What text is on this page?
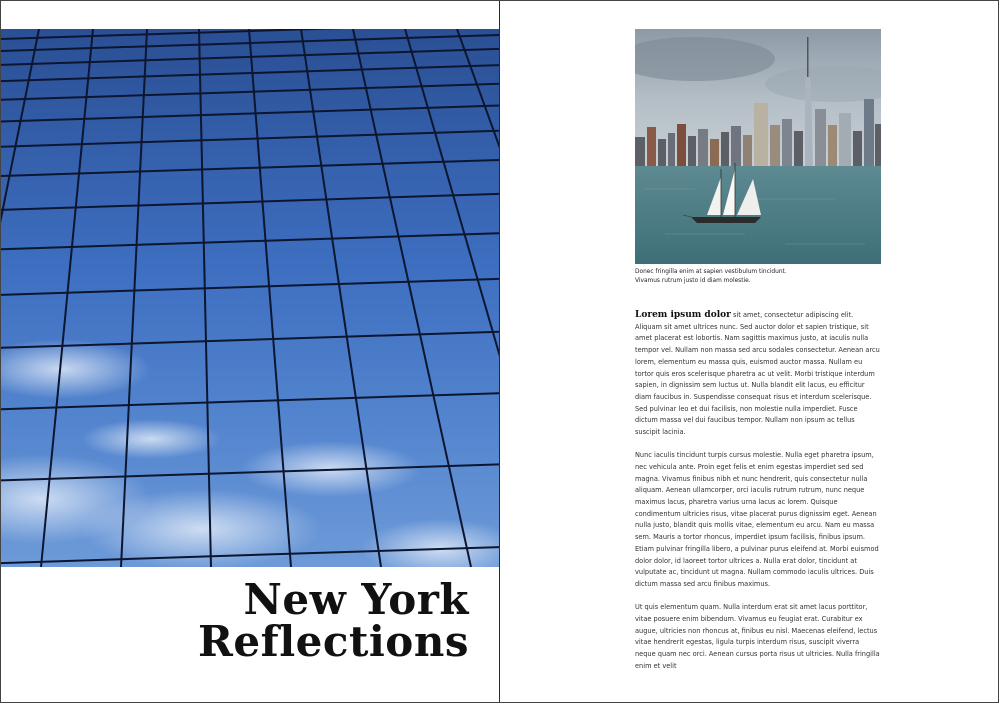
New York
Reflections
Donec fringilla enim at sapien vestibulum tincidunt.
Vivamus rutrum justo id diam molestie.

Lorem ipsum dolor sit amet, consectetur adipiscing elit. Aliquam sit amet ultrices nunc. Sed auctor dolor et sapien tristique, sit amet placerat est lobortis. Nam sagittis maximus justo, at iaculis nulla tempor vel. Nullam non massa sed arcu sodales consectetur. Aenean arcu lorem, elementum eu massa quis, euismod auctor massa. Nullam eu tortor quis eros scelerisque pharetra ac ut velit. Morbi tristique interdum sapien, in dignissim sem luctus ut. Nulla blandit elit lacus, eu efficitur diam faucibus in. Suspendisse consequat risus et interdum scelerisque. Sed pulvinar leo et dui facilisis, non molestie nulla imperdiet. Fusce dictum massa vel dui faucibus tempor. Nullam non ipsum ac tellus suscipit lacinia.

Nunc iaculis tincidunt turpis cursus molestie. Nulla eget pharetra ipsum, nec vehicula ante. Proin eget felis et enim egestas imperdiet sed sed magna. Vivamus finibus nibh et nunc hendrerit, quis consectetur nulla aliquam. Aenean ullamcorper, orci iaculis rutrum rutrum, nunc neque maximus lacus, pharetra varius urna lacus ac lorem. Quisque condimentum ultricies risus, vitae placerat purus dignissim eget. Aenean nulla justo, blandit quis mollis vitae, elementum eu arcu. Nam eu massa sem. Mauris a tortor rhoncus, imperdiet ipsum facilisis, finibus ipsum. Etiam pulvinar fringilla libero, a pulvinar purus eleifend at. Morbi euismod dolor dolor, id laoreet tortor ultrices a. Nulla erat dolor, tincidunt at vulputate ac, tincidunt ut magna. Nullam commodo iaculis ultrices. Duis dictum massa sed arcu finibus maximus.

Ut quis elementum quam. Nulla interdum erat sit amet lacus porttitor, vitae posuere enim bibendum. Vivamus eu feugiat erat. Curabitur ex augue, ultricies non rhoncus at, finibus eu nisl. Maecenas eleifend, lectus vitae hendrerit egestas, ligula turpis interdum risus, suscipit viverra neque quam nec orci. Aenean cursus porta risus ut ultricies. Nulla fringilla enim et velit
